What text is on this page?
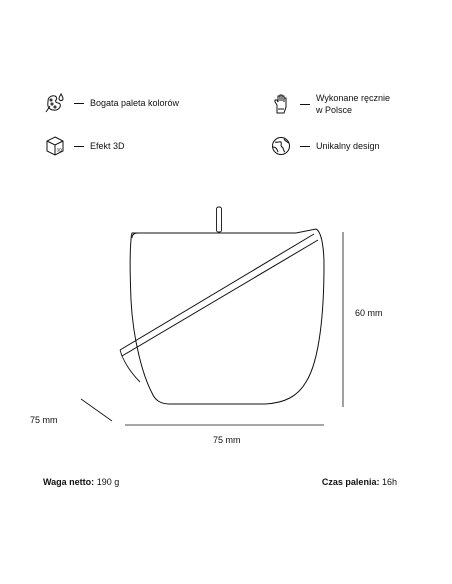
Bogata paleta kolorów	Wykonane ręcznie
w Polsce
3D	Efekt 3D	Unikalny design
60 mm
75 mm
75 mm
Waga netto: 190 g	Czas palenia: 16h
